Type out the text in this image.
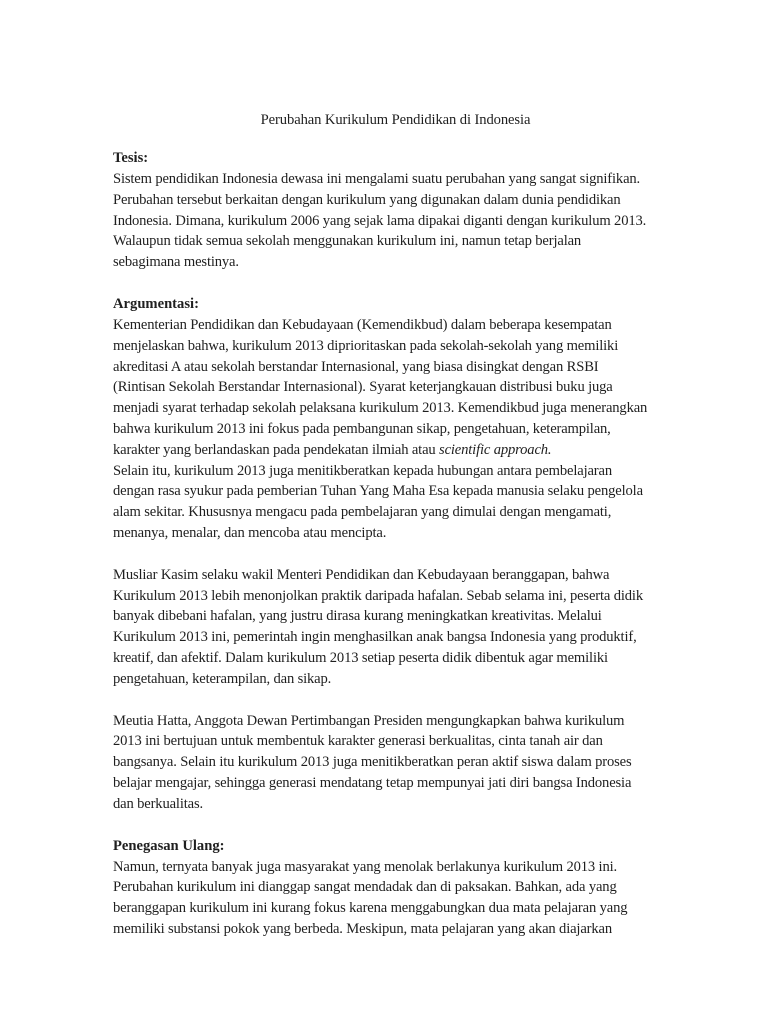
Perubahan Kurikulum Pendidikan di Indonesia

Tesis:

Sistem pendidikan Indonesia dewasa ini mengalami suatu perubahan yang sangat signifikan.
Perubahan tersebut berkaitan dengan kurikulum yang digunakan dalam dunia pendidikan
Indonesia. Dimana, kurikulum 2006 yang sejak lama dipakai diganti dengan kurikulum 2013.
Walaupun tidak semua sekolah menggunakan kurikulum ini, namun tetap berjalan
sebagimana mestinya.

Argumentasi:

Kementerian Pendidikan dan Kebudayaan (Kemendikbud) dalam beberapa kesempatan
menjelaskan bahwa, kurikulum 2013 diprioritaskan pada sekolah-sekolah yang memiliki
akreditasi A atau sekolah berstandar Internasional, yang biasa disingkat dengan RSBI
(Rintisan Sekolah Berstandar Internasional). Syarat keterjangkauan distribusi buku juga
menjadi syarat terhadap sekolah pelaksana kurikulum 2013. Kemendikbud juga menerangkan
bahwa kurikulum 2013 ini fokus pada pembangunan sikap, pengetahuan, keterampilan,
karakter yang berlandaskan pada pendekatan ilmiah atau scientific approach.
Selain itu, kurikulum 2013 juga menitikberatkan kepada hubungan antara pembelajaran
dengan rasa syukur pada pemberian Tuhan Yang Maha Esa kepada manusia selaku pengelola
alam sekitar. Khususnya mengacu pada pembelajaran yang dimulai dengan mengamati,
menanya, menalar, dan mencoba atau mencipta.

Musliar Kasim selaku wakil Menteri Pendidikan dan Kebudayaan beranggapan, bahwa
Kurikulum 2013 lebih menonjolkan praktik daripada hafalan. Sebab selama ini, peserta didik
banyak dibebani hafalan, yang justru dirasa kurang meningkatkan kreativitas. Melalui
Kurikulum 2013 ini, pemerintah ingin menghasilkan anak bangsa Indonesia yang produktif,
kreatif, dan afektif. Dalam kurikulum 2013 setiap peserta didik dibentuk agar memiliki
pengetahuan, keterampilan, dan sikap.

Meutia Hatta, Anggota Dewan Pertimbangan Presiden mengungkapkan bahwa kurikulum
2013 ini bertujuan untuk membentuk karakter generasi berkualitas, cinta tanah air dan
bangsanya. Selain itu kurikulum 2013 juga menitikberatkan peran aktif siswa dalam proses
belajar mengajar, sehingga generasi mendatang tetap mempunyai jati diri bangsa Indonesia
dan berkualitas.

Penegasan Ulang:

Namun, ternyata banyak juga masyarakat yang menolak berlakunya kurikulum 2013 ini.
Perubahan kurikulum ini dianggap sangat mendadak dan di paksakan. Bahkan, ada yang
beranggapan kurikulum ini kurang fokus karena menggabungkan dua mata pelajaran yang
memiliki substansi pokok yang berbeda. Meskipun, mata pelajaran yang akan diajarkan
